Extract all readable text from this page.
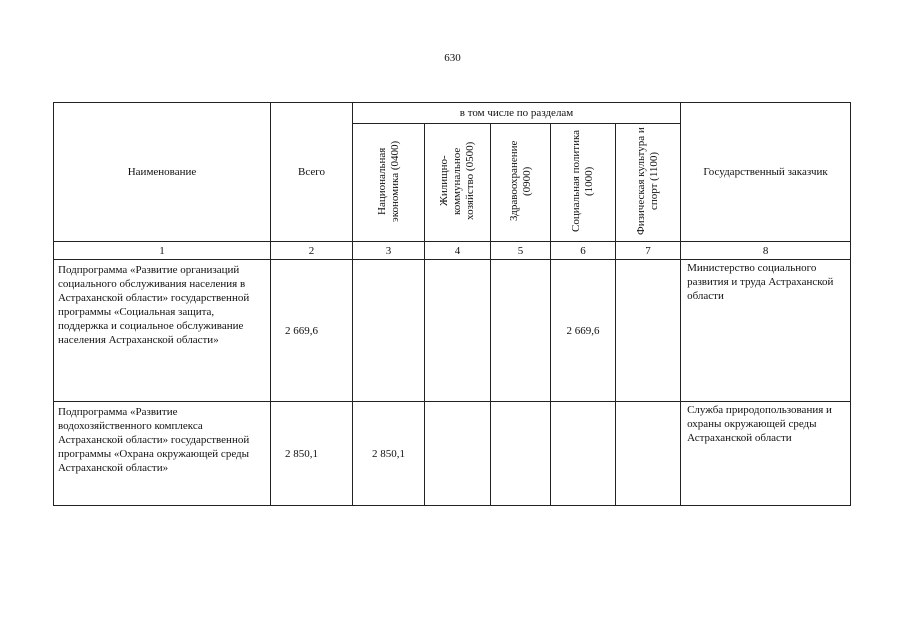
630
Наименование	Всего	в том числе по разделам					Государственный заказчик
		Национальная экономика (0400)	Жилищно-коммунальное хозяйство (0500)	Здравоохранение (0900)	Социальная политика (1000)	Физическая культура и спорт (1100)	
1	2	3	4	5	6	7	8
Подпрограмма «Развитие организаций социального обслуживания населения в Астраханской области» государственной программы «Социальная защита, поддержка и социальное обслуживание населения Астраханской области»	2 669,6				2 669,6		Министерство социального развития и труда Астраханской области
Подпрограмма «Развитие водохозяйственного комплекса Астраханской области» государственной программы «Охрана окружающей среды Астраханской области»	2 850,1	2 850,1					Служба природопользования и охраны окружающей среды Астраханской области
